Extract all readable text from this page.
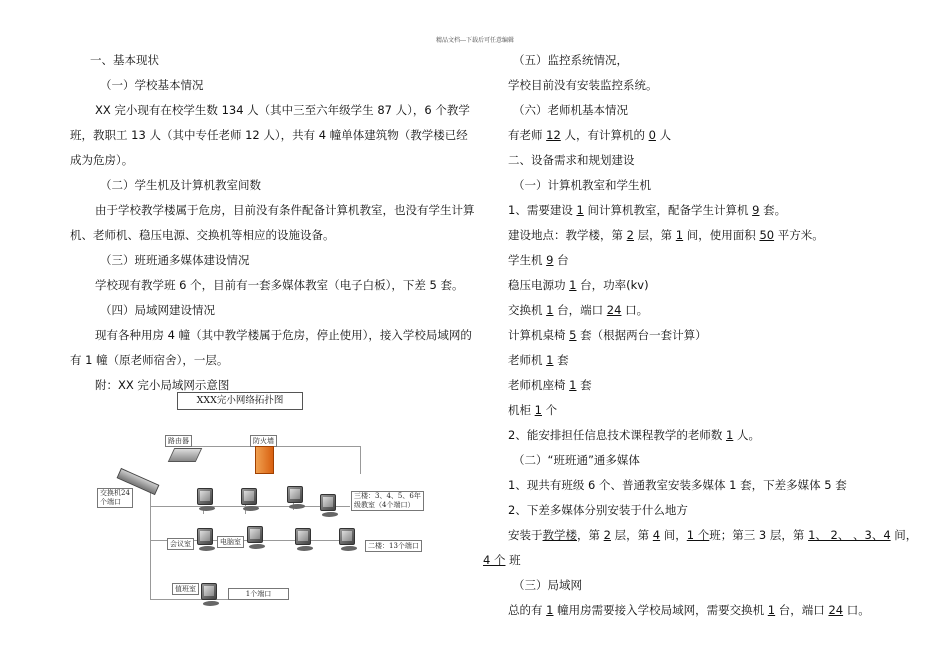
精品文档---下载后可任意编辑
一、基本现状
（一）学校基本情况
XX 完小现有在校学生数 134 人（其中三至六年级学生 87 人），6 个教学
班，教职工 13 人（其中专任老师 12 人），共有 4 幢单体建筑物（教学楼已经
成为危房）。
（二）学生机及计算机教室间数
由于学校教学楼属于危房，目前没有条件配备计算机教室，也没有学生计算
机、老师机、稳压电源、交换机等相应的设施设备。
（三）班班通多媒体建设情况
学校现有教学班 6 个，目前有一套多媒体教室（电子白板），下差 5 套。
（四）局域网建设情况
现有各种用房 4 幢（其中教学楼属于危房，停止使用），接入学校局域网的
有 1 幢（原老师宿舍），一层。
附：XX 完小局域网示意图
XXX完小网络拓扑图
路由器	防火墙
交换机24
个端口
三楼：3、4、5、6年
级教室（4个端口）
会议室	电脑室	二楼：13个端口
值班室
1个端口
（五）监控系统情况，
学校目前没有安装监控系统。
（六）老师机基本情况
有老师 12 人，有计算机的 0 人
二、设备需求和规划建设
（一）计算机教室和学生机
1、需要建设 1 间计算机教室，配备学生计算机 9 套。
建设地点：教学楼，第 2 层，第 1 间，使用面积 50 平方米。
学生机 9 台
稳压电源功 1 台，功率(kv)
交换机 1 台，端口 24 口。
计算机桌椅 5 套（根据两台一套计算）
老师机 1 套
老师机座椅 1 套
机柜 1 个
2、能安排担任信息技术课程教学的老师数 1 人。
（二）“班班通”通多媒体
1、现共有班级 6 个、普通教室安装多媒体 1 套，下差多媒体 5 套
2、下差多媒体分别安装于什么地方
安装于教学楼，第 2 层，第 4 间，1 个班；第三 3 层，第 1、 2、 、3、4 间，
4 个 班
（三）局域网
总的有 1 幢用房需要接入学校局域网，需要交换机 1 台，端口 24 口。
